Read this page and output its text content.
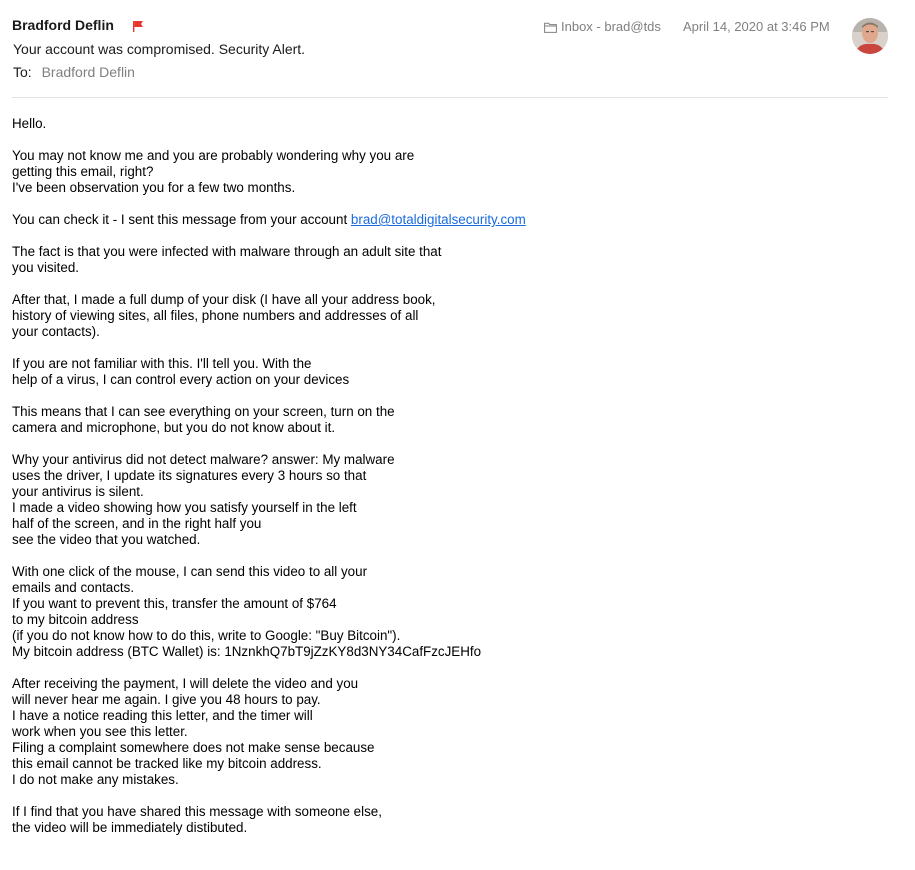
Bradford Deflin
Your account was compromised. Security Alert.
To: Bradford Deflin
Inbox - brad@tds April 14, 2020 at 3:46 PM
Hello.
You may not know me and you are probably wondering why you are
getting this email, right?
I've been observation you for a few two months.
You can check it - I sent this message from your account brad@totaldigitalsecurity.com
The fact is that you were infected with malware through an adult site that
you visited.
After that, I made a full dump of your disk (I have all your address book,
history of viewing sites, all files, phone numbers and addresses of all
your contacts).
If you are not familiar with this. I'll tell you. With the
help of a virus, I can control every action on your devices
This means that I can see everything on your screen, turn on the
camera and microphone, but you do not know about it.
Why your antivirus did not detect malware? answer: My malware
uses the driver, I update its signatures every 3 hours so that
your antivirus is silent.
I made a video showing how you satisfy yourself in the left
half of the screen, and in the right half you
see the video that you watched.
With one click of the mouse, I can send this video to all your
emails and contacts.
If you want to prevent this, transfer the amount of $764
to my bitcoin address
(if you do not know how to do this, write to Google: "Buy Bitcoin").
My bitcoin address (BTC Wallet) is: 1NznkhQ7bT9jZzKY8d3NY34CafFzcJEHfo
After receiving the payment, I will delete the video and you
will never hear me again. I give you 48 hours to pay.
I have a notice reading this letter, and the timer will
work when you see this letter.
Filing a complaint somewhere does not make sense because
this email cannot be tracked like my bitcoin address.
I do not make any mistakes.
If I find that you have shared this message with someone else,
the video will be immediately distibuted.
